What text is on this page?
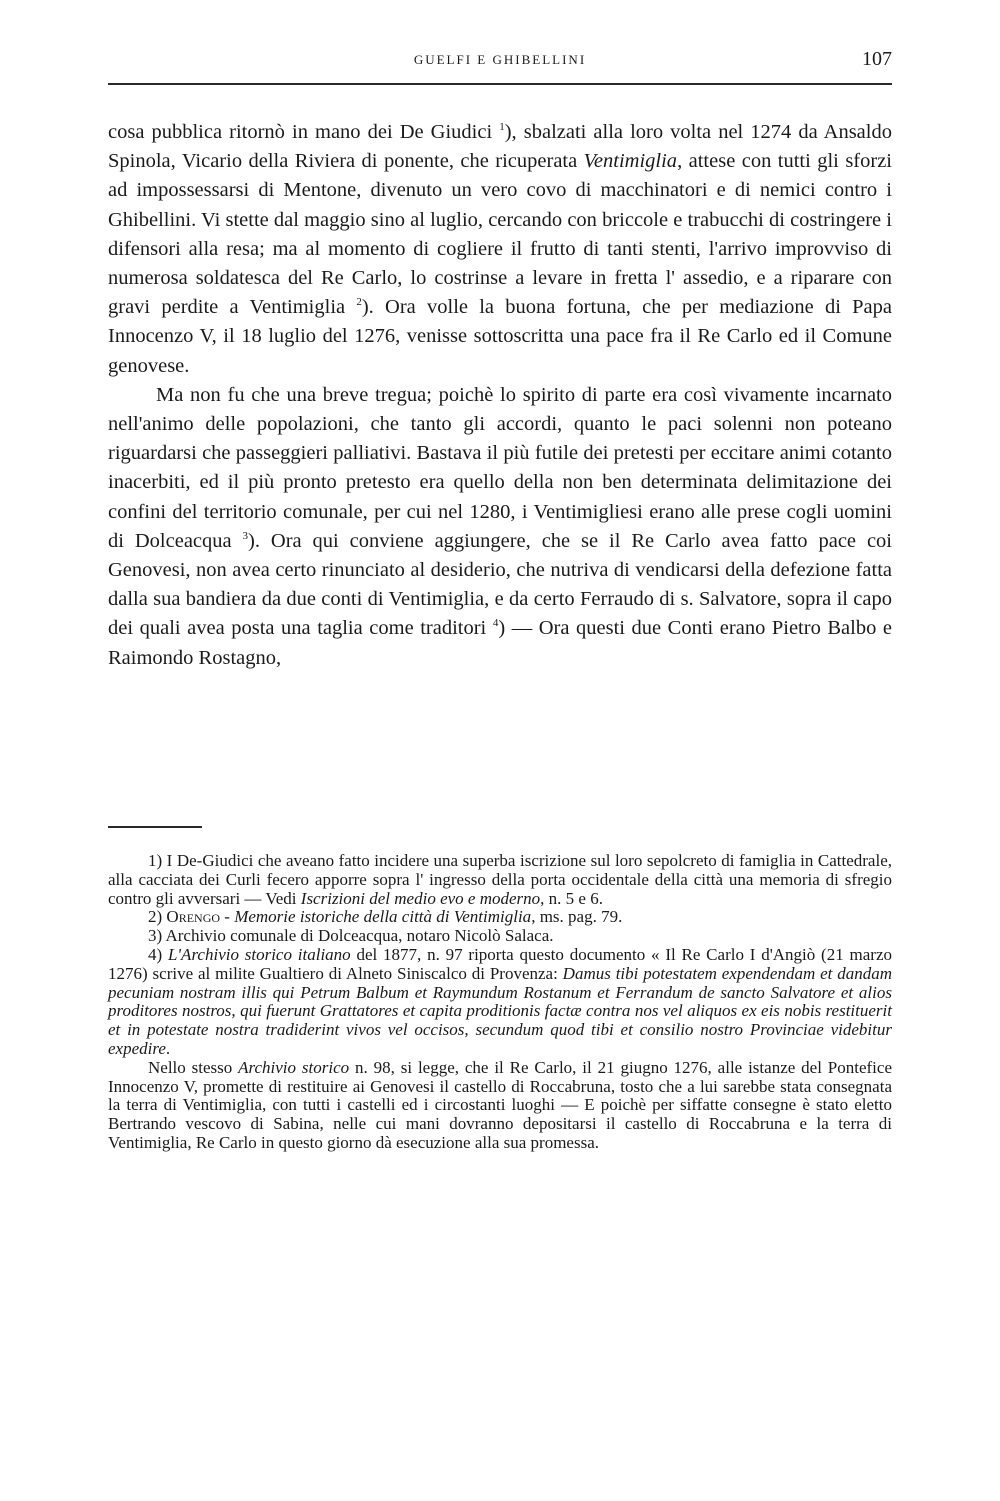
GUELFI E GHIBELLINI	107

cosa pubblica ritornò in mano dei De Giudici $^1$), sbalzati alla loro volta nel 1274 da Ansaldo Spinola, Vicario della Riviera di ponente, che ricuperata Ventimiglia, attese con tutti gli sforzi ad impossessarsi di Mentone, divenuto un vero covo di macchinatori e di nemici contro i Ghibellini. Vi stette dal maggio sino al luglio, cercando con briccole e trabucchi di costringere i difensori alla resa; ma al momento di cogliere il frutto di tanti stenti, l'arrivo improvviso di numerosa soldatesca del Re Carlo, lo costrinse a levare in fretta l' assedio, e a riparare con gravi perdite a Ventimiglia $^2$). Ora volle la buona fortuna, che per mediazione di Papa Innocenzo V, il 18 luglio del 1276, venisse sottoscritta una pace fra il Re Carlo ed il Comune genovese.

Ma non fu che una breve tregua; poichè lo spirito di parte era così vivamente incarnato nell'animo delle popolazioni, che tanto gli accordi, quanto le paci solenni non poteano riguardarsi che passeggieri palliativi. Bastava il più futile dei pretesti per eccitare animi cotanto inacerbiti, ed il più pronto pretesto era quello della non ben determinata delimitazione dei confini del territorio comunale, per cui nel 1280, i Ventimigliesi erano alle prese cogli uomini di Dolceacqua $^3$). Ora qui conviene aggiungere, che se il Re Carlo avea fatto pace coi Genovesi, non avea certo rinunciato al desiderio, che nutriva di vendicarsi della defezione fatta dalla sua bandiera da due conti di Ventimiglia, e da certo Ferraudo di s. Salvatore, sopra il capo dei quali avea posta una taglia come traditori $^4$) — Ora questi due Conti erano Pietro Balbo e Raimondo Rostagno,

1) I De-Giudici che aveano fatto incidere una superba iscrizione sul loro sepolcreto di famiglia in Cattedrale, alla cacciata dei Curli fecero apporre sopra l' ingresso della porta occidentale della città una memoria di sfregio contro gli avversari — Vedi Iscrizioni del medio evo e moderno, n. 5 e 6.

2) Orengo - Memorie istoriche della città di Ventimiglia, ms. pag. 79.

3) Archivio comunale di Dolceacqua, notaro Nicolò Salaca.

4) L'Archivio storico italiano del 1877, n. 97 riporta questo documento « Il Re Carlo I d'Angiò (21 marzo 1276) scrive al milite Gualtiero di Alneto Siniscalco di Provenza: Damus tibi potestatem expendendam et dandam pecuniam nostram illis qui Petrum Balbum et Raymundum Rostanum et Ferrandum de sancto Salvatore et alios proditores nostros, qui fuerunt Grattatores et capita proditionis factæ contra nos vel aliquos ex eis nobis restituerit et in potestate nostra tradiderint vivos vel occisos, secundum quod tibi et consilio nostro Provinciae videbitur expedire.

Nello stesso Archivio storico n. 98, si legge, che il Re Carlo, il 21 giugno 1276, alle istanze del Pontefice Innocenzo V, promette di restituire ai Genovesi il castello di Roccabruna, tosto che a lui sarebbe stata consegnata la terra di Ventimiglia, con tutti i castelli ed i circostanti luoghi — E poichè per siffatte consegne è stato eletto Bertrando vescovo di Sabina, nelle cui mani dovranno depositarsi il castello di Roccabruna e la terra di Ventimiglia, Re Carlo in questo giorno dà esecuzione alla sua promessa.
